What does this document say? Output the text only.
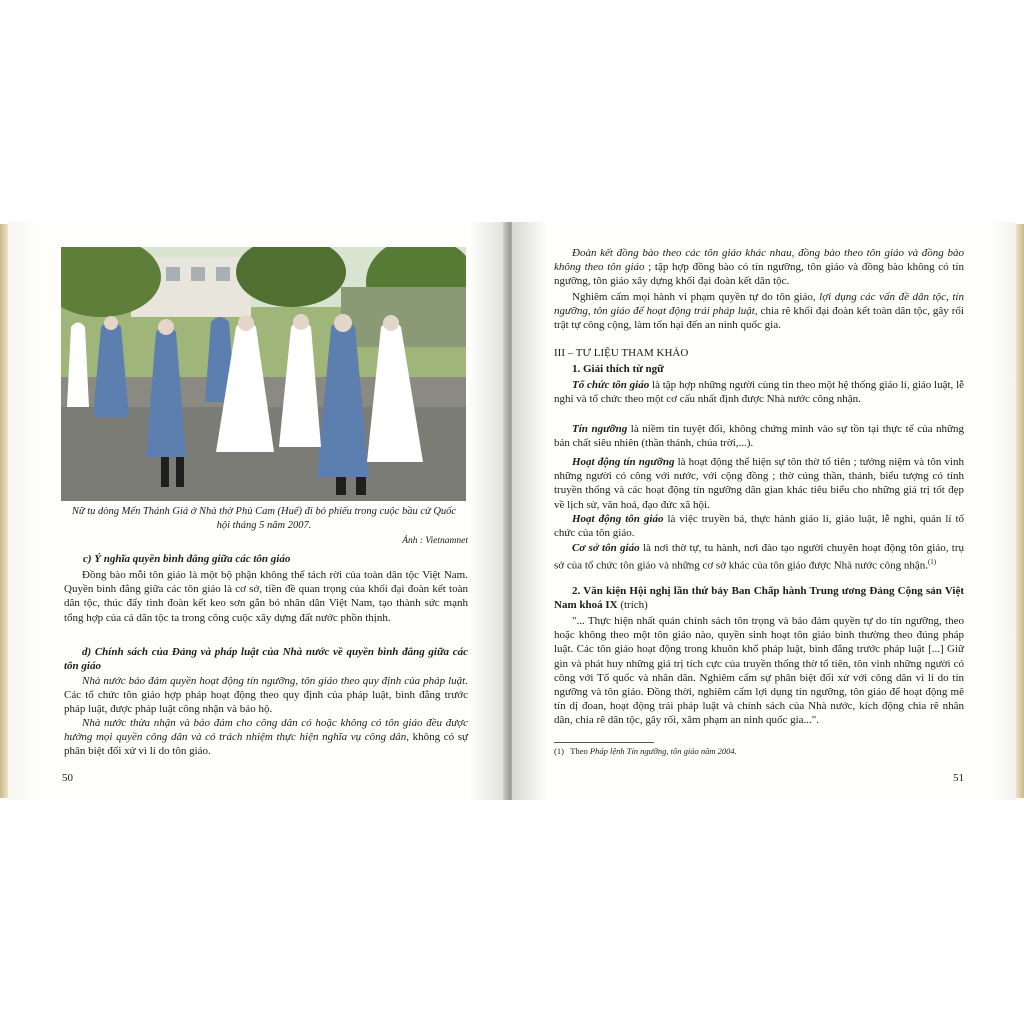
Nữ tu dòng Mến Thánh Giá ở Nhà thờ Phủ Cam (Huế) đi bỏ phiếu trong cuộc bầu cử Quốc hội tháng 5 năm 2007.
Ảnh : Vietnamnet
c) Ý nghĩa quyền bình đẳng giữa các tôn giáo
Đồng bào mỗi tôn giáo là một bộ phận không thể tách rời của toàn dân tộc Việt Nam. Quyền bình đẳng giữa các tôn giáo là cơ sở, tiền đề quan trọng của khối đại đoàn kết toàn dân tộc, thúc đẩy tình đoàn kết keo sơn gắn bó nhân dân Việt Nam, tạo thành sức mạnh tổng hợp của cả dân tộc ta trong công cuộc xây dựng đất nước phồn thịnh.
d) Chính sách của Đảng và pháp luật của Nhà nước về quyền bình đẳng giữa các tôn giáo
Nhà nước bảo đảm quyền hoạt động tín ngưỡng, tôn giáo theo quy định của pháp luật. Các tổ chức tôn giáo hợp pháp hoạt động theo quy định của pháp luật, bình đẳng trước pháp luật, được pháp luật công nhận và bảo hộ.
Nhà nước thừa nhận và bảo đảm cho công dân có hoặc không có tôn giáo đều được hưởng mọi quyền công dân và có trách nhiệm thực hiện nghĩa vụ công dân, không có sự phân biệt đối xử vì lí do tôn giáo.
50
Đoàn kết đồng bào theo các tôn giáo khác nhau, đồng bào theo tôn giáo và đồng bào không theo tôn giáo ; tập hợp đồng bào có tín ngưỡng, tôn giáo và đồng bào không có tín ngưỡng, tôn giáo xây dựng khối đại đoàn kết dân tộc.
Nghiêm cấm mọi hành vi phạm quyền tự do tôn giáo, lợi dụng các vấn đề dân tộc, tín ngưỡng, tôn giáo để hoạt động trái pháp luật, chia rẽ khối đại đoàn kết toàn dân tộc, gây rối trật tự công cộng, làm tổn hại đến an ninh quốc gia.
III – TƯ LIỆU THAM KHẢO
1. Giải thích từ ngữ
Tổ chức tôn giáo là tập hợp những người cùng tin theo một hệ thống giáo lí, giáo luật, lễ nghi và tổ chức theo một cơ cấu nhất định được Nhà nước công nhận.
Tín ngưỡng là niềm tin tuyệt đối, không chứng minh vào sự tồn tại thực tế của những bản chất siêu nhiên (thần thánh, chúa trời,...).
Hoạt động tín ngưỡng là hoạt động thể hiện sự tôn thờ tổ tiên ; tưởng niệm và tôn vinh những người có công với nước, với cộng đồng ; thờ cúng thần, thánh, biểu tượng có tính truyền thống và các hoạt động tín ngưỡng dân gian khác tiêu biểu cho những giá trị tốt đẹp về lịch sử, văn hoá, đạo đức xã hội.
Hoạt động tôn giáo là việc truyền bá, thực hành giáo lí, giáo luật, lễ nghi, quản lí tổ chức của tôn giáo.
Cơ sở tôn giáo là nơi thờ tự, tu hành, nơi đào tạo người chuyên hoạt động tôn giáo, trụ sở của tổ chức tôn giáo và những cơ sở khác của tôn giáo được Nhà nước công nhận.$^{(1)}$
2. Văn kiện Hội nghị lần thứ bảy Ban Chấp hành Trung ương Đảng Cộng sản Việt Nam khoá IX (trích)
"... Thực hiện nhất quán chính sách tôn trọng và bảo đảm quyền tự do tín ngưỡng, theo hoặc không theo một tôn giáo nào, quyền sinh hoạt tôn giáo bình thường theo đúng pháp luật. Các tôn giáo hoạt động trong khuôn khổ pháp luật, bình đẳng trước pháp luật [...] Giữ gìn và phát huy những giá trị tích cực của truyền thống thờ tổ tiên, tôn vinh những người có công với Tổ quốc và nhân dân. Nghiêm cấm sự phân biệt đối xử với công dân vì lí do tín ngưỡng và tôn giáo. Đồng thời, nghiêm cấm lợi dụng tín ngưỡng, tôn giáo để hoạt động mê tín dị đoan, hoạt động trái pháp luật và chính sách của Nhà nước, kích động chia rẽ nhân dân, chia rẽ dân tộc, gây rối, xâm phạm an ninh quốc gia...".
(1) Theo Pháp lệnh Tín ngưỡng, tôn giáo năm 2004.
51
